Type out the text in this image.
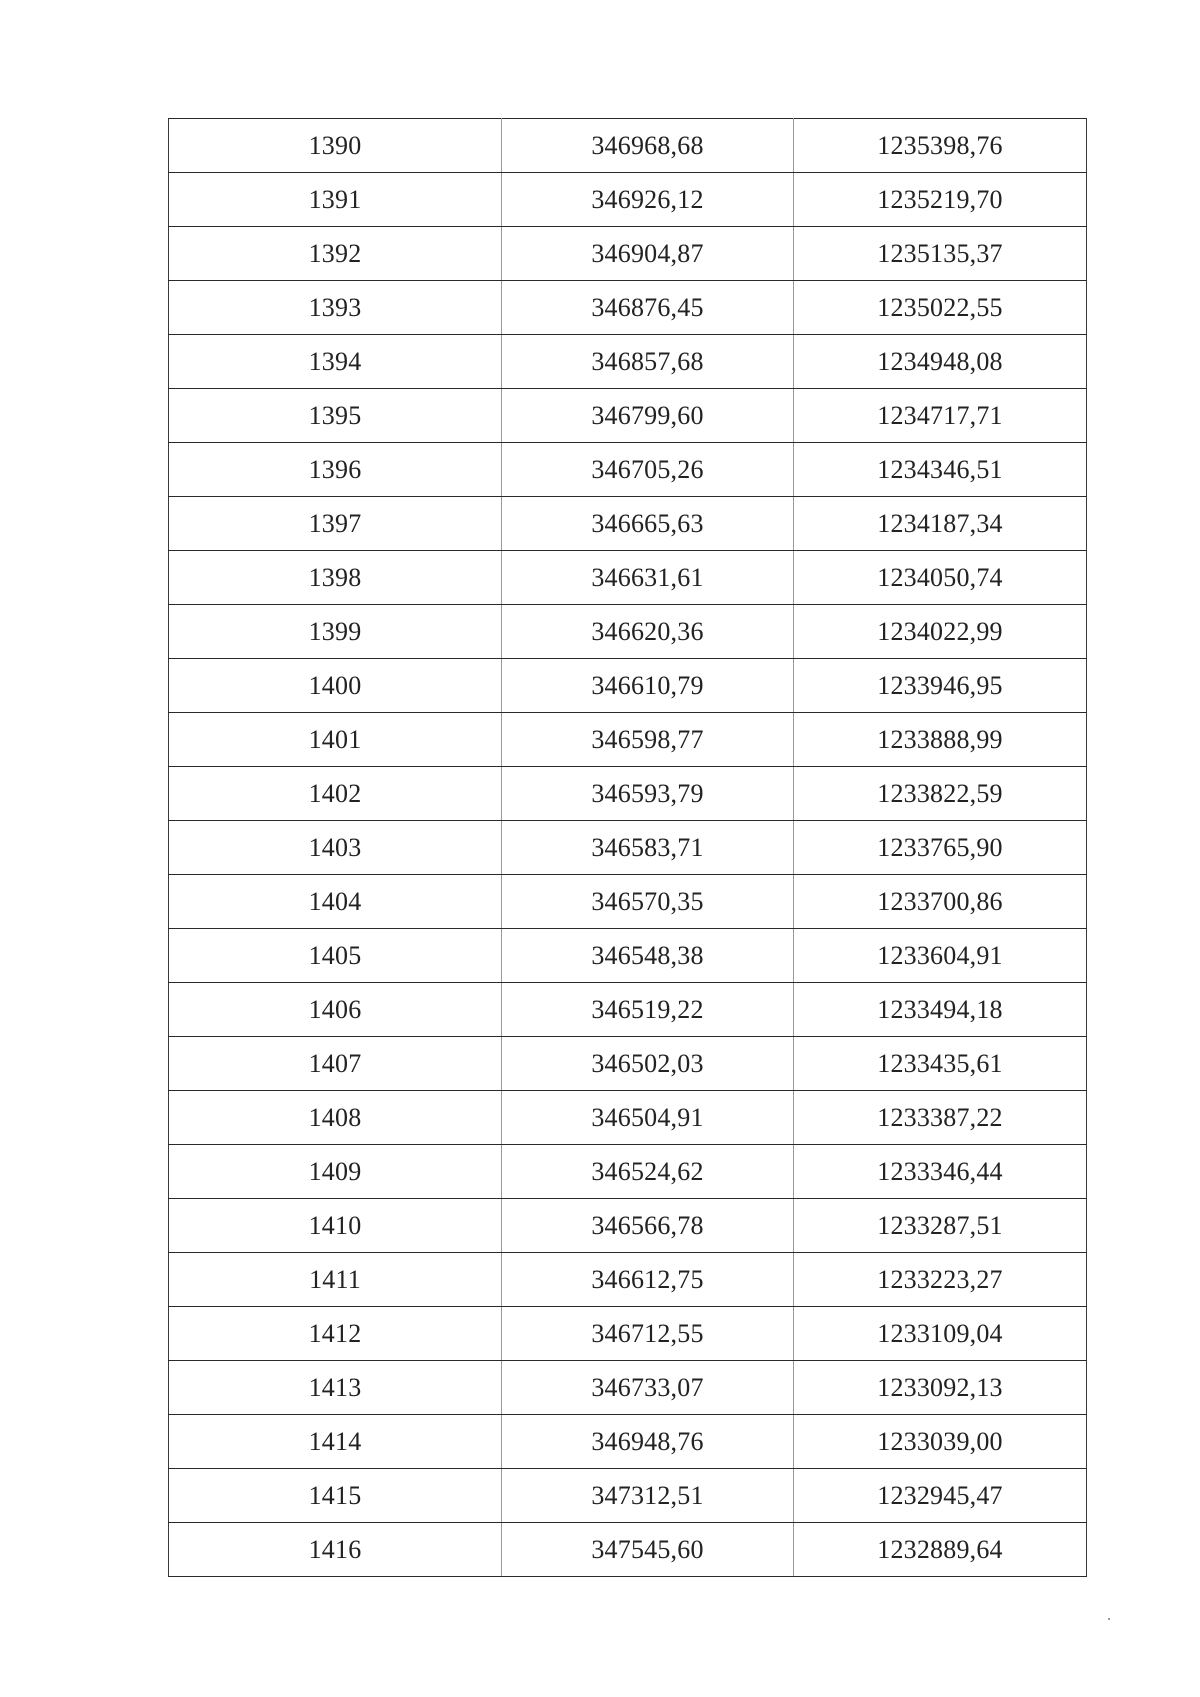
1390	346968,68	1235398,76
1391	346926,12	1235219,70
1392	346904,87	1235135,37
1393	346876,45	1235022,55
1394	346857,68	1234948,08
1395	346799,60	1234717,71
1396	346705,26	1234346,51
1397	346665,63	1234187,34
1398	346631,61	1234050,74
1399	346620,36	1234022,99
1400	346610,79	1233946,95
1401	346598,77	1233888,99
1402	346593,79	1233822,59
1403	346583,71	1233765,90
1404	346570,35	1233700,86
1405	346548,38	1233604,91
1406	346519,22	1233494,18
1407	346502,03	1233435,61
1408	346504,91	1233387,22
1409	346524,62	1233346,44
1410	346566,78	1233287,51
1411	346612,75	1233223,27
1412	346712,55	1233109,04
1413	346733,07	1233092,13
1414	346948,76	1233039,00
1415	347312,51	1232945,47
1416	347545,60	1232889,64
